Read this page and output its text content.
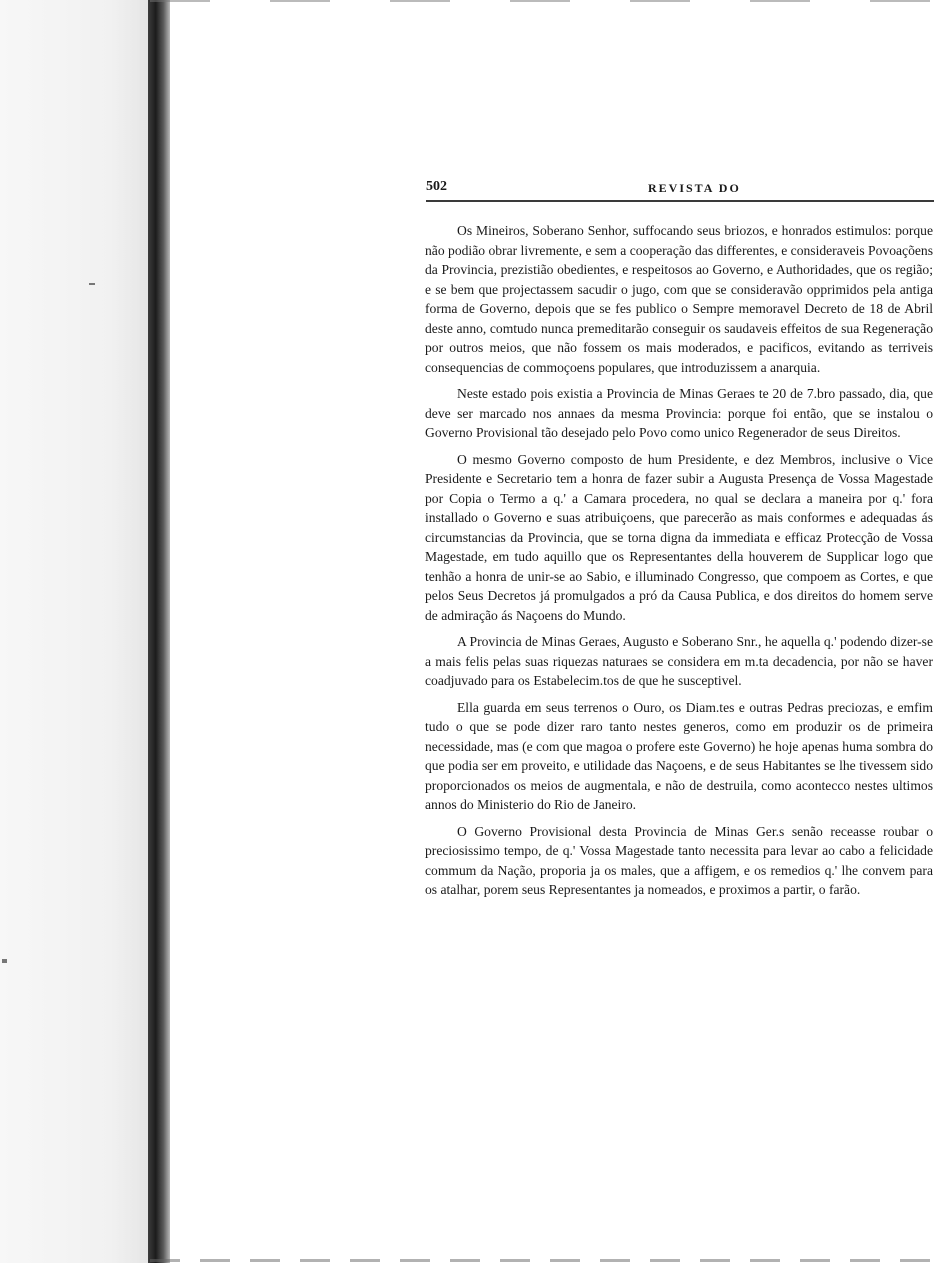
502	REVISTA DO

Os Mineiros, Soberano Senhor, suffocando seus briozos, e honrados estimulos: porque não podião obrar livremente, e sem a cooperação das differentes, e consideraveis Povoaçõens da Provincia, prezistião obedientes, e respeitosos ao Governo, e Authoridades, que os região; e se bem que projectassem sacudir o jugo, com que se consideravão opprimidos pela antiga forma de Governo, depois que se fes publico o Sempre memoravel Decreto de 18 de Abril deste anno, comtudo nunca premeditarão conseguir os saudaveis effeitos de sua Regeneração por outros meios, que não fossem os mais moderados, e pacificos, evitando as terriveis consequencias de commoçoens populares, que introduzissem a anarquia.

Neste estado pois existia a Provincia de Minas Geraes te 20 de 7.bro passado, dia, que deve ser marcado nos annaes da mesma Provincia: porque foi então, que se instalou o Governo Provisional tão desejado pelo Povo como unico Regenerador de seus Direitos.

O mesmo Governo composto de hum Presidente, e dez Membros, inclusive o Vice Presidente e Secretario tem a honra de fazer subir a Augusta Presença de Vossa Magestade por Copia o Termo a q.' a Camara procedera, no qual se declara a maneira por q.' fora installado o Governo e suas atribuiçoens, que parecerão as mais conformes e adequadas ás circumstancias da Provincia, que se torna digna da immediata e efficaz Protecção de Vossa Magestade, em tudo aquillo que os Representantes della houverem de Supplicar logo que tenhão a honra de unir-se ao Sabio, e illuminado Congresso, que compoem as Cortes, e que pelos Seus Decretos já promulgados a pró da Causa Publica, e dos direitos do homem serve de admiração ás Naçoens do Mundo.

A Provincia de Minas Geraes, Augusto e Soberano Snr., he aquella q.' podendo dizer-se a mais felis pelas suas riquezas naturaes se considera em m.ta decadencia, por não se haver coadjuvado para os Estabelecim.tos de que he susceptivel.

Ella guarda em seus terrenos o Ouro, os Diam.tes e outras Pedras preciozas, e emfim tudo o que se pode dizer raro tanto nestes generos, como em produzir os de primeira necessidade, mas (e com que magoa o profere este Governo) he hoje apenas huma sombra do que podia ser em proveito, e utilidade das Naçoens, e de seus Habitantes se lhe tivessem sido proporcionados os meios de augmentala, e não de destruila, como acontecco nestes ultimos annos do Ministerio do Rio de Janeiro.

O Governo Provisional desta Provincia de Minas Ger.s senão receasse roubar o preciosissimo tempo, de q.' Vossa Magestade tanto necessita para levar ao cabo a felicidade commum da Nação, proporia ja os males, que a affigem, e os remedios q.' lhe convem para os atalhar, porem seus Representantes ja nomeados, e proximos a partir, o farão.
